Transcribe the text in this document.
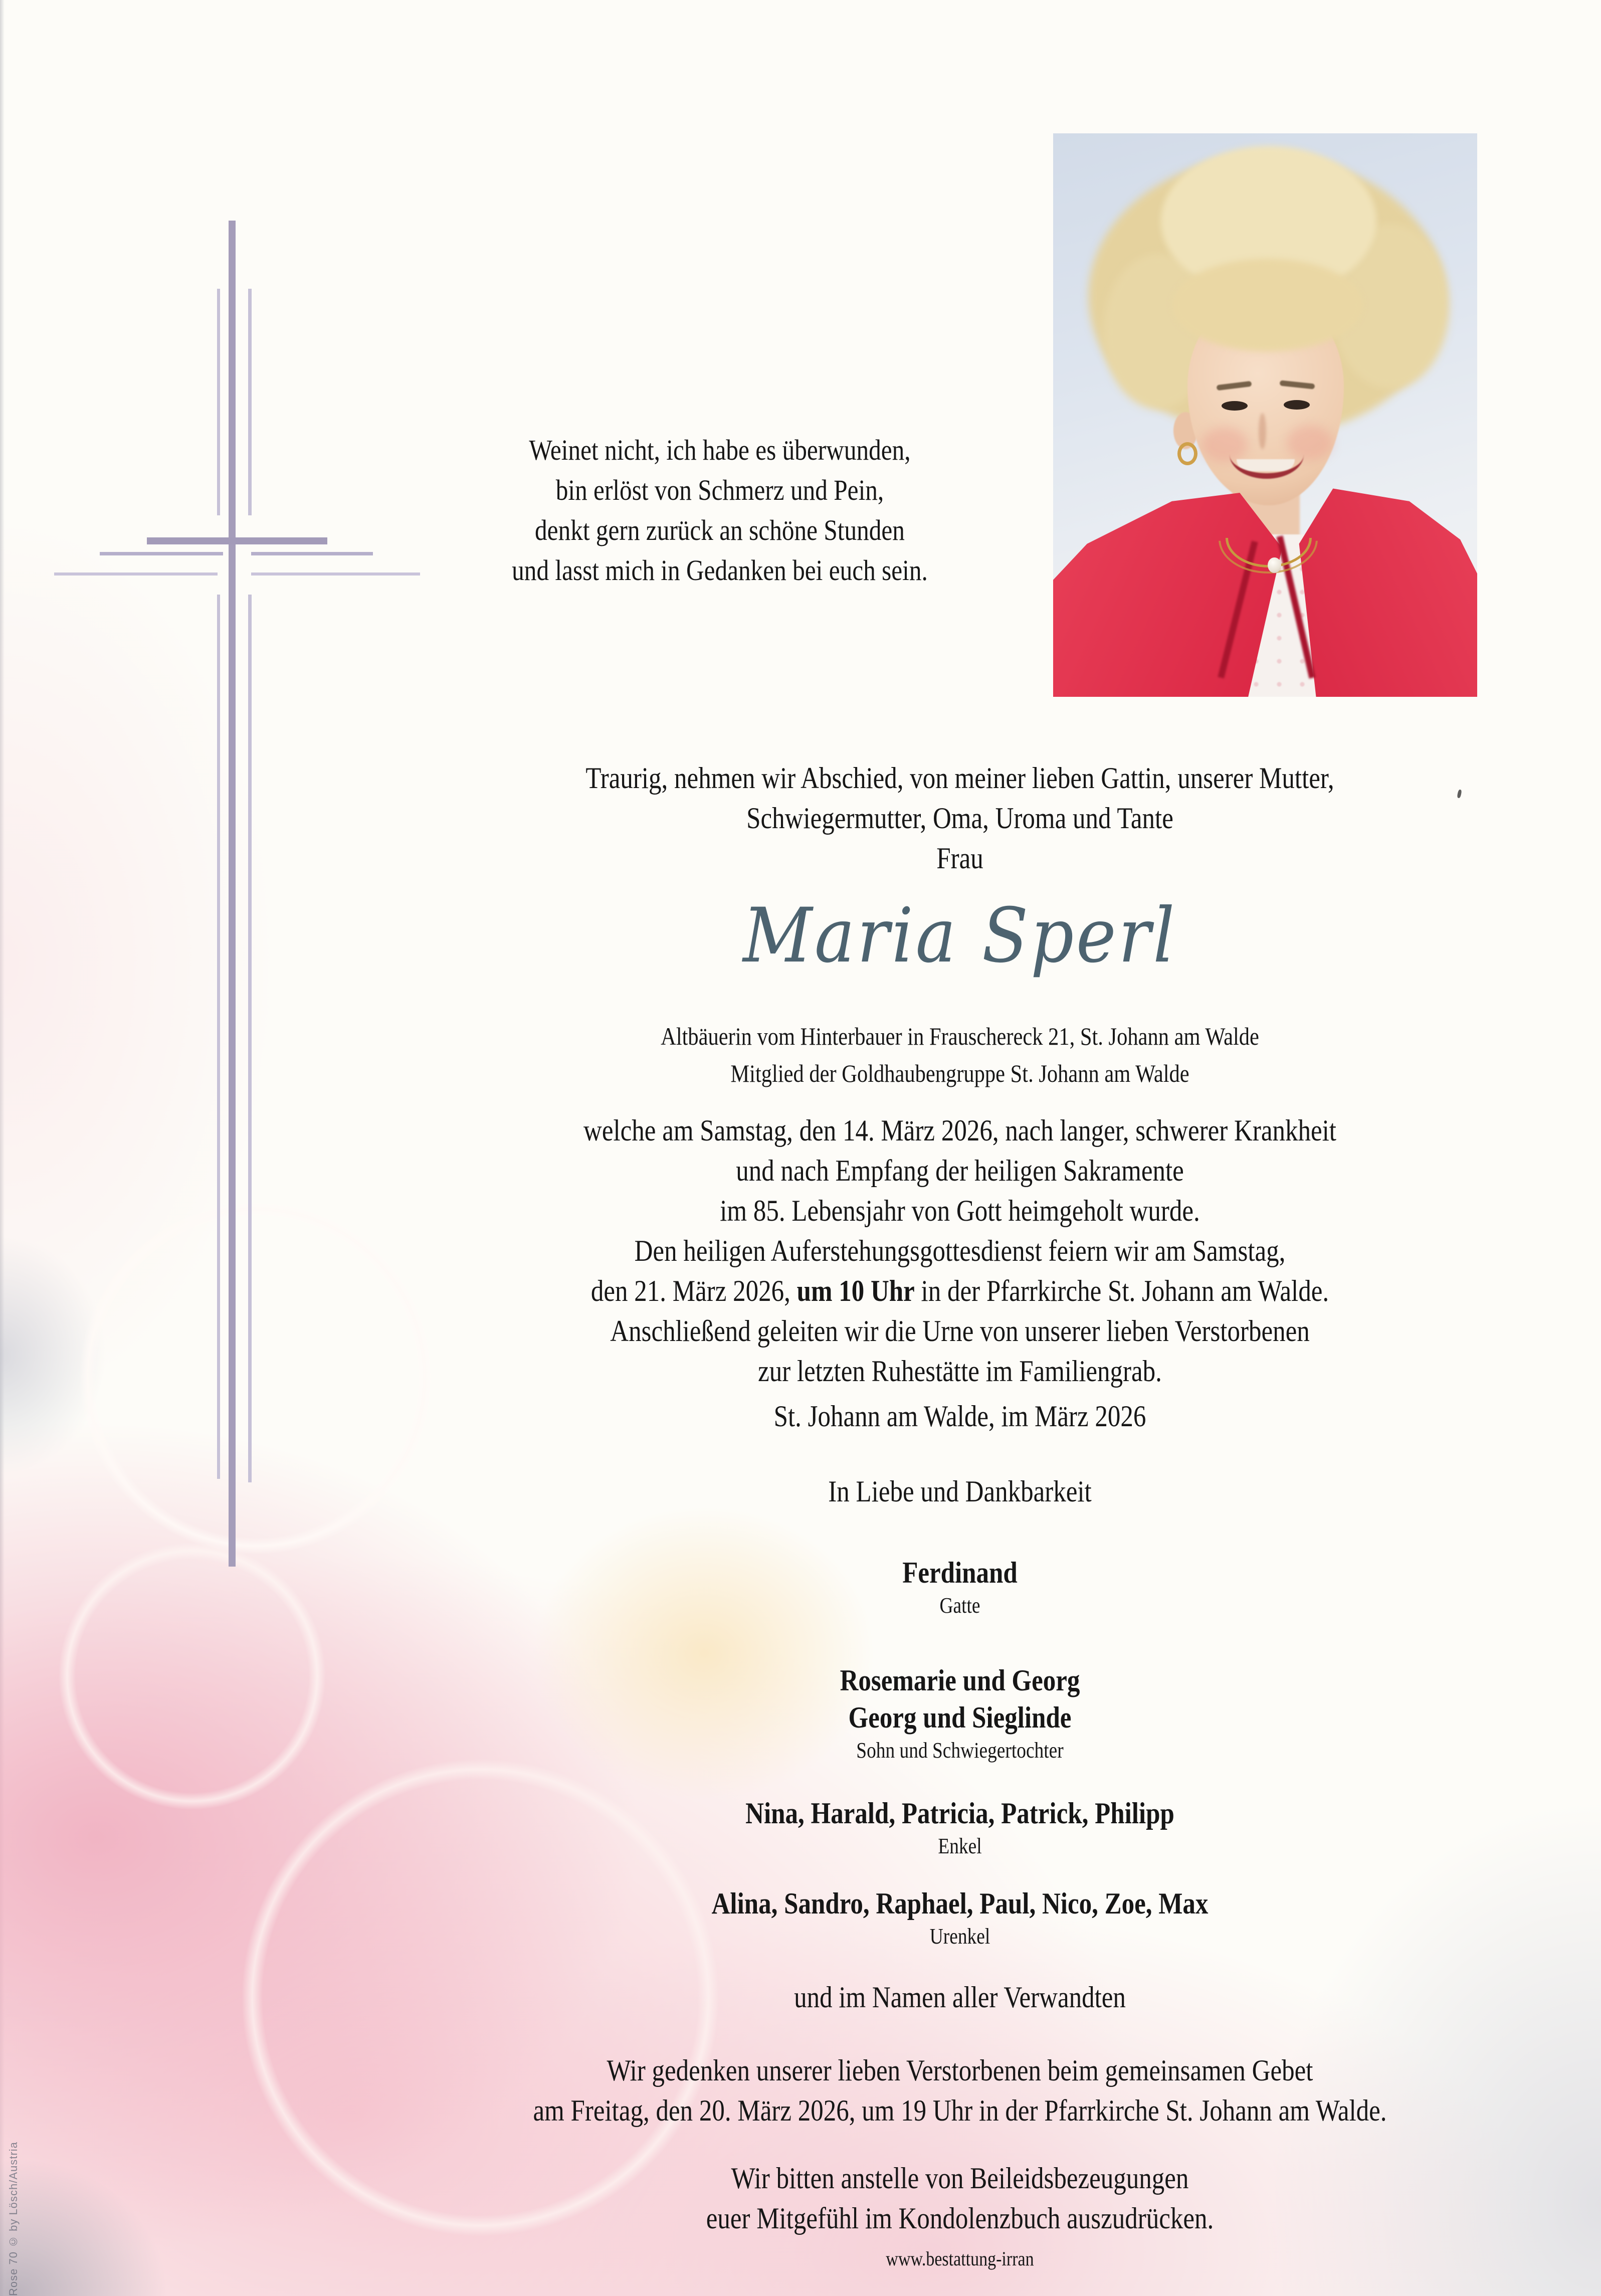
Weinet nicht, ich habe es überwunden,
bin erlöst von Schmerz und Pein,
denkt gern zurück an schöne Stunden
und lasst mich in Gedanken bei euch sein.
Traurig, nehmen wir Abschied, von meiner lieben Gattin, unserer Mutter,
Schwiegermutter, Oma, Uroma und Tante
Frau
Maria Sperl
Altbäuerin vom Hinterbauer in Frauschereck 21, St. Johann am Walde
Mitglied der Goldhaubengruppe St. Johann am Walde
welche am Samstag, den 14. März 2026, nach langer, schwerer Krankheit
und nach Empfang der heiligen Sakramente
im 85. Lebensjahr von Gott heimgeholt wurde.
Den heiligen Auferstehungsgottesdienst feiern wir am Samstag,
den 21. März 2026, um 10 Uhr in der Pfarrkirche St. Johann am Walde.
Anschließend geleiten wir die Urne von unserer lieben Verstorbenen
zur letzten Ruhestätte im Familiengrab.
St. Johann am Walde, im März 2026
In Liebe und Dankbarkeit
Ferdinand
Gatte
Rosemarie und Georg
Georg und Sieglinde
Sohn und Schwiegertochter
Nina, Harald, Patricia, Patrick, Philipp
Enkel
Alina, Sandro, Raphael, Paul, Nico, Zoe, Max
Urenkel
und im Namen aller Verwandten
Wir gedenken unserer lieben Verstorbenen beim gemeinsamen Gebet
am Freitag, den 20. März 2026, um 19 Uhr in der Pfarrkirche St. Johann am Walde.
Wir bitten anstelle von Beileidsbezeugungen
euer Mitgefühl im Kondolenzbuch auszudrücken.
www.bestattung-irran
Rose 70 © by Lösch/Austria
